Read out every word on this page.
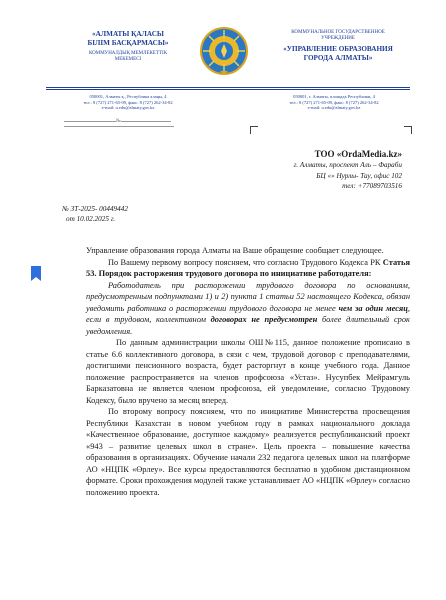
«АЛМАТЫ ҚАЛАСЫ
БІЛІМ БАСҚАРМАСЫ»
КОММУНАЛДЫҚ МЕМЛЕКЕТТІК
МЕКЕМЕСІ
КОММУНАЛЬНОЕ ГОСУДАРСТВЕННОЕ
УЧРЕЖДЕНИЕ
«УПРАВЛЕНИЕ ОБРАЗОВАНИЯ
ГОРОДА АЛМАТЫ»
050001, Алматы қ., Республика алаңы, 4
тел.: 8 (727) 271-65-09, факс: 8 (727) 262-34-82
e-mail: u.edu@almaty.gov.kz
050001, г. Алматы, площадь Республики, 4
тел.: 8 (727) 271-65-09, факс: 8 (727) 262-34-82
e-mail: u.edu@almaty.gov.kz
№
ТОО «OrdaMedia.kz»
г. Алматы, проспект Аль – Фараби
БЦ «» Нурлы- Тау, офис 102
тел: +77089703516
№ ЗТ-2025- 00449442
от 10.02.2025 г.

Управление образования города Алматы на Ваше обращение сообщает следующее.

По Вашему первому вопросу поясняем, что согласно Трудового Кодекса РК Статья 53. Порядок расторжения трудового договора по инициативе работодателя:

Работодатель при расторжении трудового договора по основаниям, предусмотренным подпунктами 1) и 2) пункта 1 статьи 52 настоящего Кодекса, обязан уведомить работника о расторжении трудового договора не менее чем за один месяц, если в трудовом, коллективном договорах не предусмотрен более длительный срок уведомления.

По данным администрации школы ОШ№115, данное положение прописано в статье 6.6 коллективного договора, в сязи с чем, трудовой договор с преподавателями, достигшими пенсионного возраста, будет расторгнут в конце учебного года. Данное положение распространяется на членов профсоюза «Устаз». Нусупбек Мейрамгуль Барказатовна не является членом профсоюза, ей уведомление, согласно Трудовому Кодексу, было вручено за месяц вперед.

По второму вопросу поясняем, что по инициативе Министерства просвещения Республики Казахстан в новом учебном году в рамках национального доклада «Качественное образование, доступное каждому» реализуется республиканский проект «943 – развитие целевых школ в стране». Цель проекта – повышение качества образования в организациях. Обучение начали 232 педагога целевых школ на платформе АО «НЦПК «Өрлеу». Все курсы предоставляются бесплатно в удобном дистанционном формате. Сроки прохождения модулей также устанавливает АО «НЦПК «Өрлеу» согласно положению проекта.
